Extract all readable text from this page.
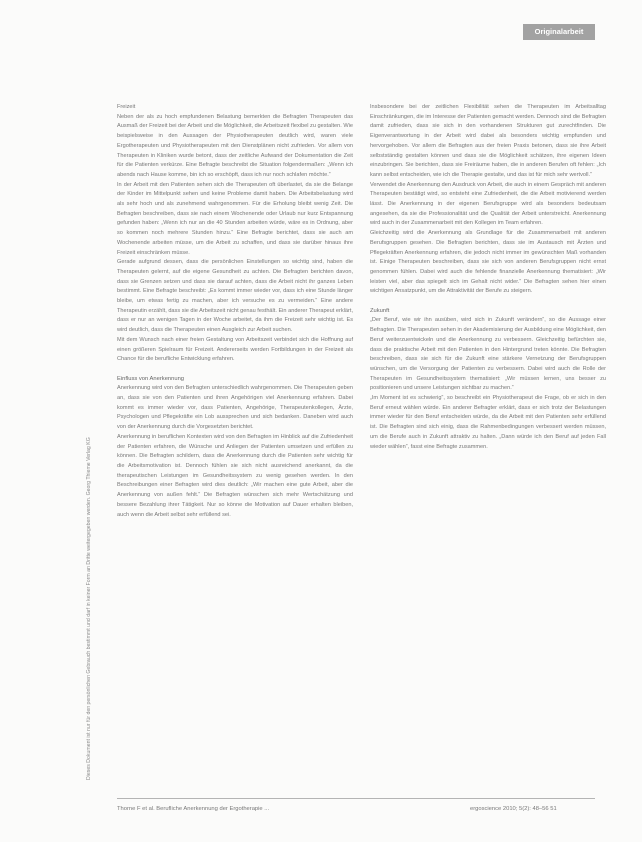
Originalarbeit
Dieses Dokument ist nur für den persönlichen Gebrauch bestimmt und darf in keiner Form an Dritte weitergegeben werden. Georg Thieme Verlag KG

Freizeit

Neben der als zu hoch empfundenen Belastung bemerkten die Befragten Therapeuten das Ausmaß der Freizeit bei der Arbeit und die Möglichkeit, die Arbeitszeit flexibel zu gestalten. Wie beispielsweise in den Aussagen der Physiotherapeuten deutlich wird, waren viele Ergotherapeuten und Physiotherapeuten mit den Dienstplänen nicht zufrieden. Vor allem von Therapeuten in Kliniken wurde betont, dass der zeitliche Aufwand der Dokumentation die Zeit für die Patienten verkürze. Eine Befragte beschreibt die Situation folgendermaßen: „Wenn ich abends nach Hause komme, bin ich so erschöpft, dass ich nur noch schlafen möchte.“

In der Arbeit mit den Patienten sehen sich die Therapeuten oft überlastet, da sie die Belange der Kinder im Mittelpunkt sehen und keine Probleme damit haben. Die Arbeitsbelastung wird als sehr hoch und als zunehmend wahrgenommen. Für die Erholung bleibt wenig Zeit. Die Befragten beschreiben, dass sie nach einem Wochenende oder Urlaub nur kurz Entspannung gefunden haben: „Wenn ich nur an die 40 Stunden arbeiten würde, wäre es in Ordnung, aber so kommen noch mehrere Stunden hinzu.“ Eine Befragte berichtet, dass sie auch am Wochenende arbeiten müsse, um die Arbeit zu schaffen, und dass sie darüber hinaus ihre Freizeit einschränken müsse.

Gerade aufgrund dessen, dass die persönlichen Einstellungen so wichtig sind, haben die Therapeuten gelernt, auf die eigene Gesundheit zu achten. Die Befragten berichten davon, dass sie Grenzen setzen und dass sie darauf achten, dass die Arbeit nicht ihr ganzes Leben bestimmt. Eine Befragte beschreibt: „Es kommt immer wieder vor, dass ich eine Stunde länger bleibe, um etwas fertig zu machen, aber ich versuche es zu vermeiden.“ Eine andere Therapeutin erzählt, dass sie die Arbeitszeit nicht genau festhält. Ein anderer Therapeut erklärt, dass er nur an wenigen Tagen in der Woche arbeitet, da ihm die Freizeit sehr wichtig ist. Es wird deutlich, dass die Therapeuten einen Ausgleich zur Arbeit suchen.

Mit dem Wunsch nach einer freien Gestaltung von Arbeitszeit verbindet sich die Hoffnung auf einen größeren Spielraum für Freizeit. Andererseits werden Fortbildungen in der Freizeit als Chance für die berufliche Entwicklung erfahren.

Einfluss von Anerkennung

Anerkennung wird von den Befragten unterschiedlich wahrgenommen. Die Therapeuten geben an, dass sie von den Patienten und ihren Angehörigen viel Anerkennung erfahren. Dabei kommt es immer wieder vor, dass Patienten, Angehörige, Therapeutenkollegen, Ärzte, Psychologen und Pflegekräfte ein Lob aussprechen und sich bedanken. Daneben wird auch von der Anerkennung durch die Vorgesetzten berichtet.

Anerkennung in beruflichen Kontexten wird von den Befragten im Hinblick auf die Zufriedenheit der Patienten erfahren, die Wünsche und Anliegen der Patienten umsetzen und erfüllen zu können. Die Befragten schildern, dass die Anerkennung durch die Patienten sehr wichtig für die Arbeitsmotivation ist. Dennoch fühlen sie sich nicht ausreichend anerkannt, da die therapeutischen Leistungen im Gesundheitssystem zu wenig gesehen werden. In den Beschreibungen einer Befragten wird dies deutlich: „Wir machen eine gute Arbeit, aber die Anerkennung von außen fehlt.“ Die Befragten wünschen sich mehr Wertschätzung und bessere Bezahlung ihrer Tätigkeit. Nur so könne die Motivation auf Dauer erhalten bleiben, auch wenn die Arbeit selbst sehr erfüllend sei.

Insbesondere bei der zeitlichen Flexibilität sehen die Therapeuten im Arbeitsalltag Einschränkungen, die im Interesse der Patienten gemacht werden. Dennoch sind die Befragten damit zufrieden, dass sie sich in den vorhandenen Strukturen gut zurechtfinden. Die Eigenverantwortung in der Arbeit wird dabei als besonders wichtig empfunden und hervorgehoben. Vor allem die Befragten aus der freien Praxis betonen, dass sie ihre Arbeit selbstständig gestalten können und dass sie die Möglichkeit schätzen, ihre eigenen Ideen einzubringen. Sie berichten, dass sie Freiräume haben, die in anderen Berufen oft fehlen: „Ich kann selbst entscheiden, wie ich die Therapie gestalte, und das ist für mich sehr wertvoll.“

Verwendet die Anerkennung den Ausdruck von Arbeit, die auch in einem Gespräch mit anderen Therapeuten bestätigt wird, so entsteht eine Zufriedenheit, die die Arbeit motivierend werden lässt. Die Anerkennung in der eigenen Berufsgruppe wird als besonders bedeutsam angesehen, da sie die Professionalität und die Qualität der Arbeit unterstreicht. Anerkennung wird auch in der Zusammenarbeit mit den Kollegen im Team erfahren.

Gleichzeitig wird die Anerkennung als Grundlage für die Zusammenarbeit mit anderen Berufsgruppen gesehen. Die Befragten berichten, dass sie im Austausch mit Ärzten und Pflegekräften Anerkennung erfahren, die jedoch nicht immer im gewünschten Maß vorhanden ist. Einige Therapeuten beschreiben, dass sie sich von anderen Berufsgruppen nicht ernst genommen fühlen. Dabei wird auch die fehlende finanzielle Anerkennung thematisiert: „Wir leisten viel, aber das spiegelt sich im Gehalt nicht wider.“ Die Befragten sehen hier einen wichtigen Ansatzpunkt, um die Attraktivität der Berufe zu steigern.

Zukunft

„Der Beruf, wie wir ihn ausüben, wird sich in Zukunft verändern“, so die Aussage einer Befragten. Die Therapeuten sehen in der Akademisierung der Ausbildung eine Möglichkeit, den Beruf weiterzuentwickeln und die Anerkennung zu verbessern. Gleichzeitig befürchten sie, dass die praktische Arbeit mit den Patienten in den Hintergrund treten könnte. Die Befragten beschreiben, dass sie sich für die Zukunft eine stärkere Vernetzung der Berufsgruppen wünschen, um die Versorgung der Patienten zu verbessern. Dabei wird auch die Rolle der Therapeuten im Gesundheitssystem thematisiert: „Wir müssen lernen, uns besser zu positionieren und unsere Leistungen sichtbar zu machen.“

„Im Moment ist es schwierig“, so beschreibt ein Physiotherapeut die Frage, ob er sich in den Beruf erneut wählen würde. Ein anderer Befragter erklärt, dass er sich trotz der Belastungen immer wieder für den Beruf entscheiden würde, da die Arbeit mit den Patienten sehr erfüllend ist. Die Befragten sind sich einig, dass die Rahmenbedingungen verbessert werden müssen, um die Berufe auch in Zukunft attraktiv zu halten. „Dann würde ich den Beruf auf jeden Fall wieder wählen“, fasst eine Befragte zusammen.

Thorne F et al. Berufliche Anerkennung der Ergotherapie ...	ergoscience 2010; 5(2): 48–56 51
